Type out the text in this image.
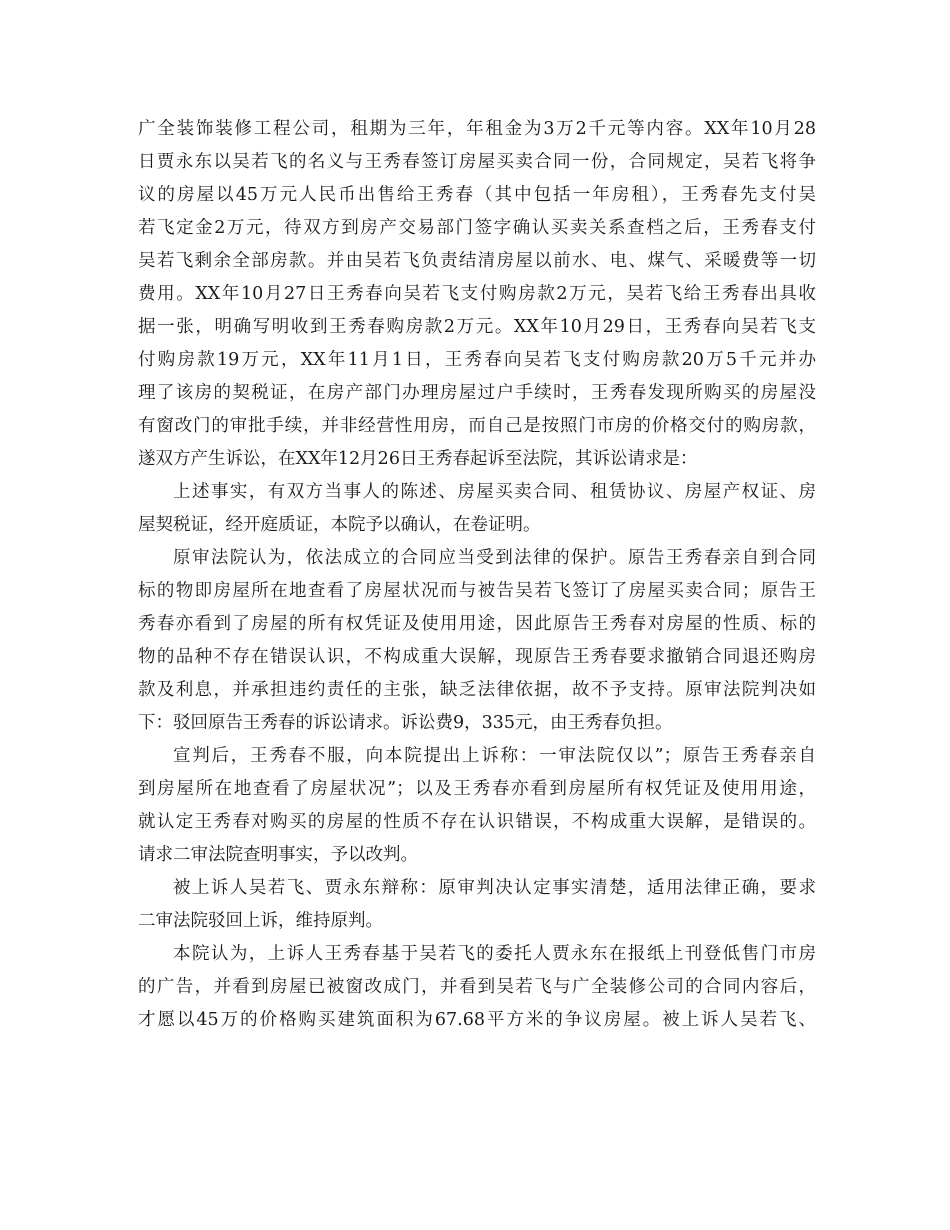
广全装饰装修工程公司，租期为三年，年租金为3万2千元等内容。XX年10月28
日贾永东以吴若飞的名义与王秀春签订房屋买卖合同一份，合同规定，吴若飞将争
议的房屋以45万元人民币出售给王秀春（其中包括一年房租），王秀春先支付吴
若飞定金2万元，待双方到房产交易部门签字确认买卖关系查档之后，王秀春支付
吴若飞剩余全部房款。并由吴若飞负责结清房屋以前水、电、煤气、采暖费等一切
费用。XX年10月27日王秀春向吴若飞支付购房款2万元，吴若飞给王秀春出具收
据一张，明确写明收到王秀春购房款2万元。XX年10月29日，王秀春向吴若飞支
付购房款19万元，XX年11月1日，王秀春向吴若飞支付购房款20万5千元并办
理了该房的契税证，在房产部门办理房屋过户手续时，王秀春发现所购买的房屋没
有窗改门的审批手续，并非经营性用房，而自己是按照门市房的价格交付的购房款，
遂双方产生诉讼，在XX年12月26日王秀春起诉至法院，其诉讼请求是：

上述事实，有双方当事人的陈述、房屋买卖合同、租赁协议、房屋产权证、房
屋契税证，经开庭质证，本院予以确认，在卷证明。

原审法院认为，依法成立的合同应当受到法律的保护。原告王秀春亲自到合同
标的物即房屋所在地查看了房屋状况而与被告吴若飞签订了房屋买卖合同；原告王
秀春亦看到了房屋的所有权凭证及使用用途，因此原告王秀春对房屋的性质、标的
物的品种不存在错误认识，不构成重大误解，现原告王秀春要求撤销合同退还购房
款及利息，并承担违约责任的主张，缺乏法律依据，故不予支持。原审法院判决如
下：驳回原告王秀春的诉讼请求。诉讼费9，335元，由王秀春负担。

宣判后，王秀春不服，向本院提出上诉称：一审法院仅以”；原告王秀春亲自
到房屋所在地查看了房屋状况”；以及王秀春亦看到房屋所有权凭证及使用用途，
就认定王秀春对购买的房屋的性质不存在认识错误，不构成重大误解，是错误的。
请求二审法院查明事实，予以改判。

被上诉人吴若飞、贾永东辩称：原审判决认定事实清楚，适用法律正确，要求
二审法院驳回上诉，维持原判。

本院认为，上诉人王秀春基于吴若飞的委托人贾永东在报纸上刊登低售门市房
的广告，并看到房屋已被窗改成门，并看到吴若飞与广全装修公司的合同内容后，
才愿以45万的价格购买建筑面积为67.68平方米的争议房屋。被上诉人吴若飞、
